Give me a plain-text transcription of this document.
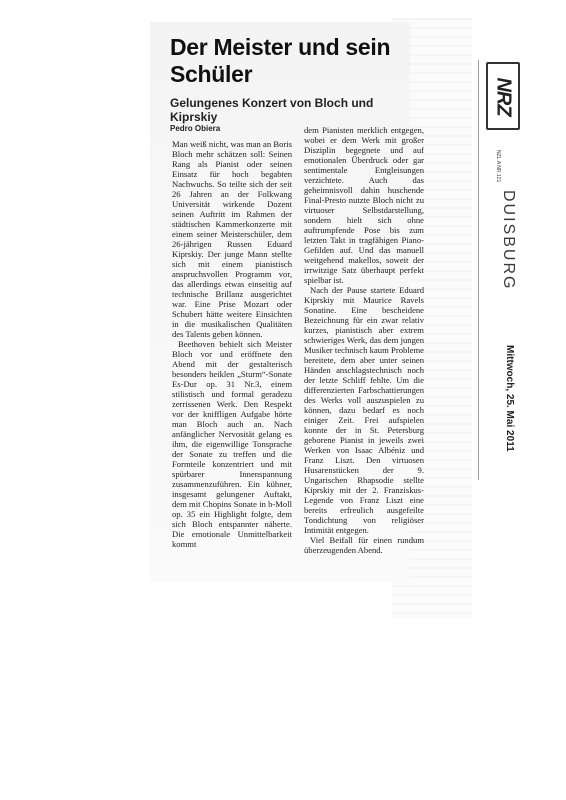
Der Meister und sein Schüler
Gelungenes Konzert von Bloch und Kiprskiy
Pedro Obiera

Man weiß nicht, was man an Boris Bloch mehr schätzen soll: Seinen Rang als Pianist oder seinen Einsatz für hoch begabten Nachwuchs. So teilte sich der seit 26 Jahren an der Folkwang Universität wirkende Dozent seinen Auftritt im Rahmen der städtischen Kammerkonzerte mit einem seiner Meisterschüler, dem 26-jährigen Russen Eduard Kiprskiy. Der junge Mann stellte sich mit einem pianistisch anspruchsvollen Programm vor, das allerdings etwas einseitig auf technische Brillanz ausgerichtet war. Eine Prise Mozart oder Schubert hätte weitere Einsichten in die musikalischen Qualitäten des Talents geben können.

Beethoven behielt sich Meister Bloch vor und eröffnete den Abend mit der gestalterisch besonders heiklen „Sturm“-Sonate Es-Dur op. 31 Nr.3, einem stilistisch und formal geradezu zerrissenen Werk. Den Respekt vor der kniffligen Aufgabe hörte man Bloch auch an. Nach anfänglicher Nervosität gelang es ihm, die eigenwillige Tonsprache der Sonate zu treffen und die Formteile konzentriert und mit spürbarer Innenspannung zusammenzuführen. Ein kühner, insgesamt gelungener Auftakt, dem mit Chopins Sonate in b-Moll op. 35 ein Highlight folgte, dem sich Bloch entspannter näherte. Die emotionale Unmittelbarkeit kommt

dem Pianisten merklich entgegen, wobei er dem Werk mit großer Disziplin begegnete und auf emotionalen Überdruck oder gar sentimentale Entgleisungen verzichtete. Auch das geheimnisvoll dahin huschende Final-Presto nutzte Bloch nicht zu virtuoser Selbstdarstellung, sondern hielt sich ohne auftrumpfende Pose bis zum letzten Takt in tragfähigen Piano-Gefilden auf. Und das manuell weitgehend makellos, soweit der irrwitzige Satz überhaupt perfekt spielbar ist.

Nach der Pause startete Eduard Kiprskiy mit Maurice Ravels Sonatine. Eine bescheidene Bezeichnung für ein zwar relativ kurzes, pianistisch aber extrem schwieriges Werk, das dem jungen Musiker technisch kaum Probleme bereitete, dem aber unter seinen Händen anschlagstechnisch noch der letzte Schliff fehlte. Um die differenzierten Farbschattierungen des Werks voll auszuspielen zu können, dazu bedarf es noch einiger Zeit. Frei aufspielen konnte der in St. Petersburg geborene Pianist in jeweils zwei Werken von Isaac Albéniz und Franz Liszt. Den virtuosen Husarenstücken der 9. Ungarischen Rhapsodie stellte Kiprskiy mit der 2. Franziskus-Legende von Franz Liszt eine bereits erfreulich ausgefeilte Tondichtung von religiöser Intimität entgegen.

Viel Beifall für einen rundum überzeugenden Abend.

NRZ
NZL.A NR.121
DUISBURG
Mittwoch, 25. Mai 2011
